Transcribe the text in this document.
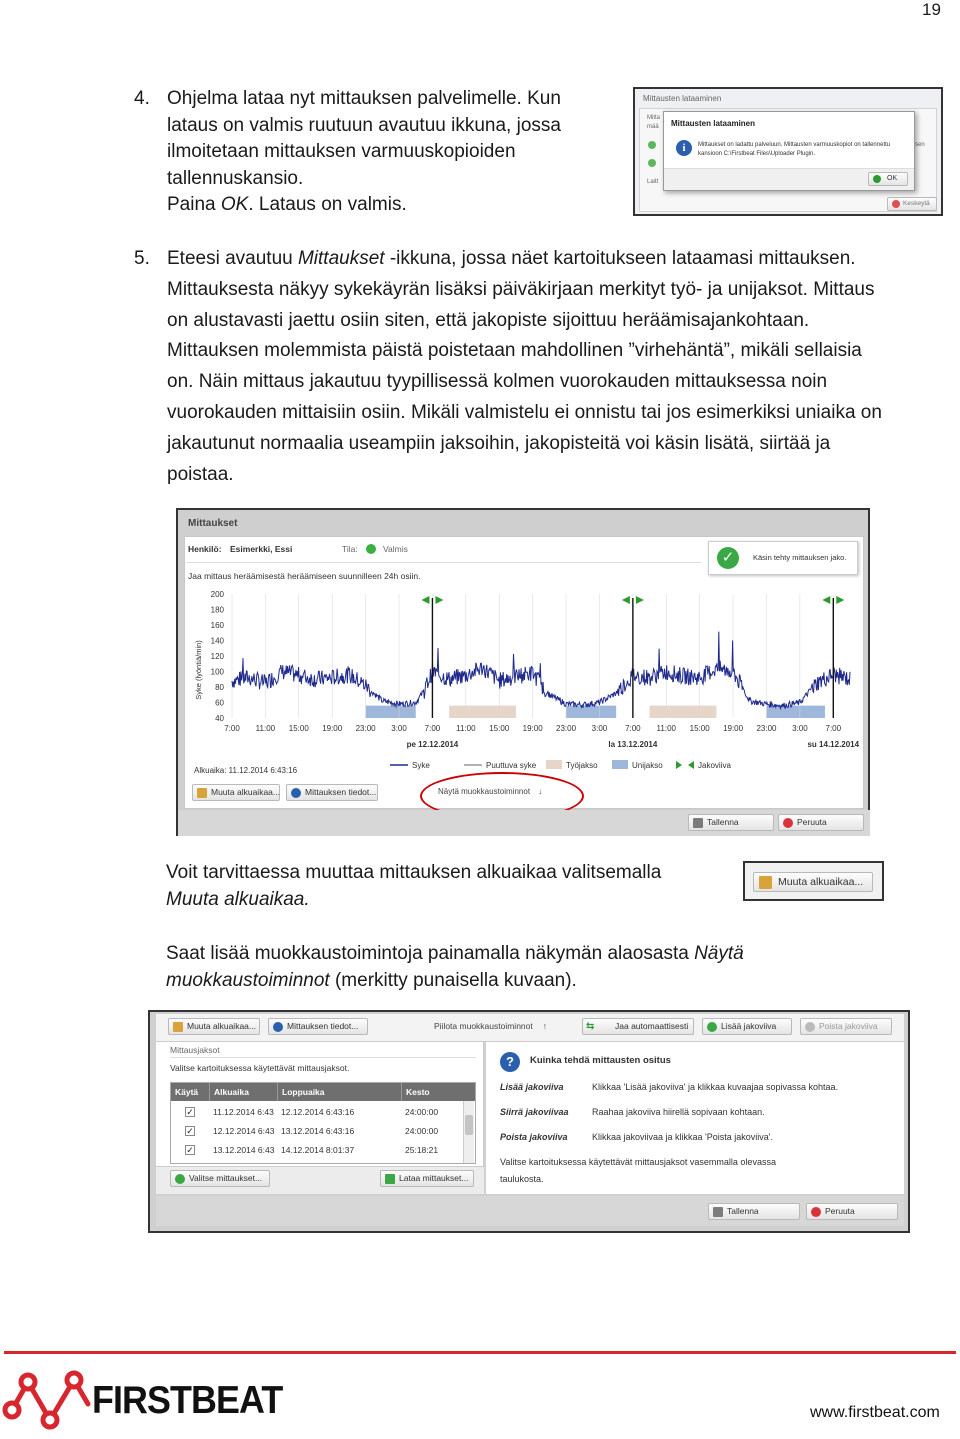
19
4. Ohjelma lataa nyt mittauksen palvelimelle. Kun
lataus on valmis ruutuun avautuu ikkuna, jossa
ilmoitetaan mittauksen varmuuskopioiden
tallennuskansio.
Paina OK. Lataus on valmis.
Mittausten lataaminen
Mitta
mää
Laitt
sen
Mittausten lataaminen
i	Mittaukset on ladattu palveluun. Mittausten varmuuskopiot on tallennettu kansioon C:\Firstbeat Files\Uploader Plugin.
OK
Keskeytä
5. Eteesi avautuu Mittaukset -ikkuna, jossa näet kartoitukseen lataamasi mittauksen.
Mittauksesta näkyy sykekäyrän lisäksi päiväkirjaan merkityt työ- ja unijaksot. Mittaus
on alustavasti jaettu osiin siten, että jakopiste sijoittuu heräämisajankohtaan.
Mittauksen molemmista päistä poistetaan mahdollinen ”virhehäntä”, mikäli sellaisia
on. Näin mittaus jakautuu tyypillisessä kolmen vuorokauden mittauksessa noin
vuorokauden mittaisiin osiin. Mikäli valmistelu ei onnistu tai jos esimerkiksi uniaika on
jakautunut normaalia useampiin jaksoihin, jakopisteitä voi käsin lisätä, siirtää ja
poistaa.
Mittaukset
Henkilö: Esimerkki, Essi	Tila:	Valmis	✓	Käsin tehty mittauksen jako.
Jaa mittaus heräämisestä heräämiseen suunnilleen 24h osiin.
Syke (lyöntiä/min)
200
180
160
140
120
100
80
60
40
7:00 11:00 15:00 19:00 23:00 3:00 7:00 11:00 15:00 19:00 23:00 3:00 7:00 11:00 15:00 19:00 23:00 3:00 7:00
pe 12.12.2014	la 13.12.2014	su 14.12.2014
Syke	Puuttuva syke	Työjakso	Unijakso	Jakoviiva
Alkuaika: 11.12.2014 6:43:16
Muuta alkuaikaa...	Mittauksen tiedot...	Näytä muokkaustoiminnot ↓
Tallenna	Peruuta
Voit tarvittaessa muuttaa mittauksen alkuaikaa valitsemalla
Muuta alkuaikaa.
Muuta alkuaikaa...
Saat lisää muokkaustoimintoja painamalla näkymän alaosasta Näytä
muokkaustoiminnot (merkitty punaisella kuvaan).
Muuta alkuaikaa...	Mittauksen tiedot...	Piilota muokkaustoiminnot ↑	⇆ Jaa automaattisesti	Lisää jakoviiva	Poista jakoviiva
Mittausjaksot
Valitse kartoituksessa käytettävät mittausjaksot.
Käytä	Alkuaika	Loppuaika	Kesto
✓ 11.12.2014 6:43 12.12.2014 6:43:16	24:00:00
✓ 12.12.2014 6:43 13.12.2014 6:43:16	24:00:00
✓ 13.12.2014 6:43 14.12.2014 8:01:37	25:18:21
Valitse mittaukset...	Lataa mittaukset...
?	Kuinka tehdä mittausten ositus
Lisää jakoviiva	Klikkaa 'Lisää jakoviiva' ja klikkaa kuvaajaa sopivassa kohtaa.
Siirrä jakoviivaa	Raahaa jakoviiva hiirellä sopivaan kohtaan.
Poista jakoviiva	Klikkaa jakoviivaa ja klikkaa 'Poista jakoviiva'.
Valitse kartoituksessa käytettävät mittausjaksot vasemmalla olevassa
taulukosta.
Tallenna	Peruuta
FIRSTBEAT	www.firstbeat.com
